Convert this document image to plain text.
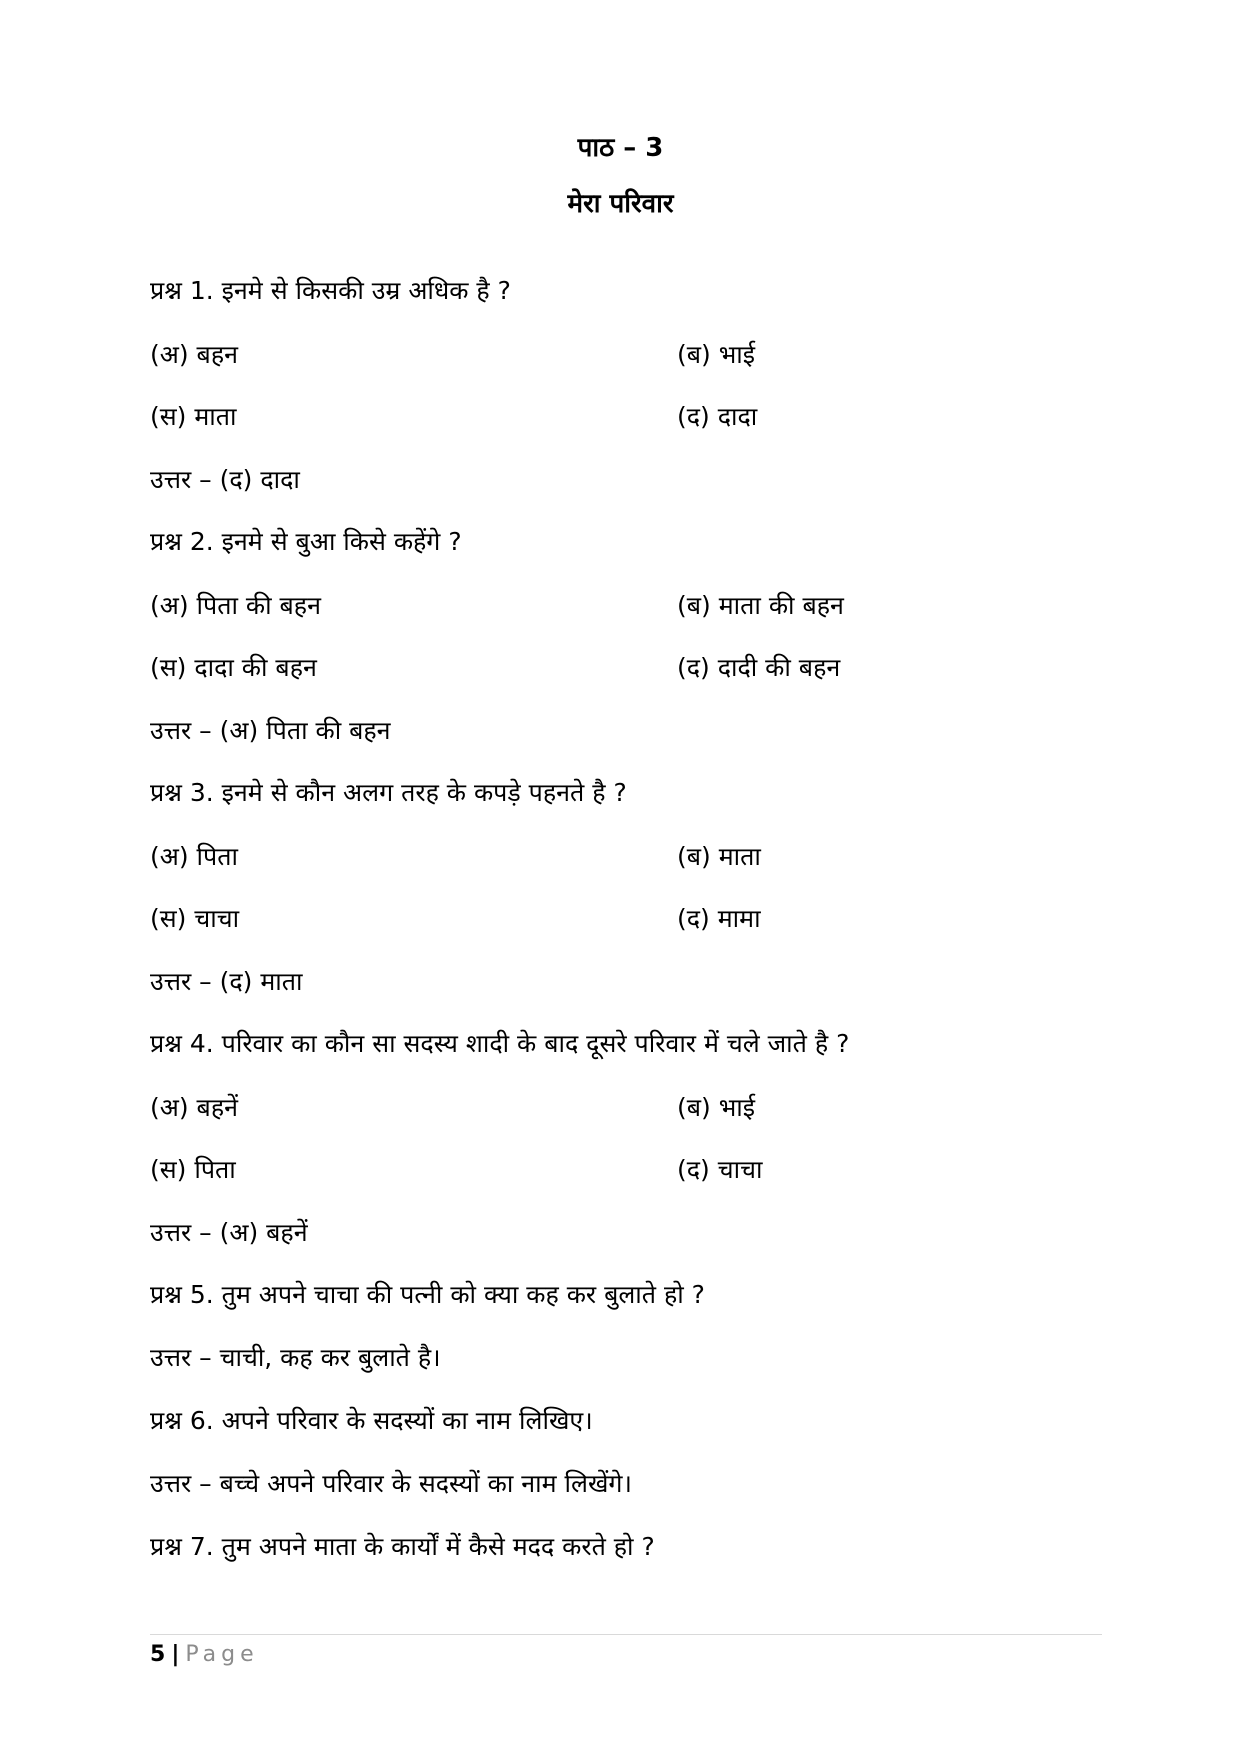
पाठ – 3
मेरा परिवार
प्रश्न 1. इनमे से किसकी उम्र अधिक है ?
(अ) बहन	(ब) भाई
(स) माता	(द) दादा
उत्तर – (द) दादा
प्रश्न 2. इनमे से बुआ किसे कहेंगे ?
(अ) पिता की बहन	(ब) माता की बहन
(स) दादा की बहन	(द) दादी की बहन
उत्तर – (अ) पिता की बहन
प्रश्न 3. इनमे से कौन अलग तरह के कपड़े पहनते है ?
(अ) पिता	(ब) माता
(स) चाचा	(द) मामा
उत्तर – (द) माता
प्रश्न 4. परिवार का कौन सा सदस्य शादी के बाद दूसरे परिवार में चले जाते है ?
(अ) बहनें	(ब) भाई
(स) पिता	(द) चाचा
उत्तर – (अ) बहनें
प्रश्न 5. तुम अपने चाचा की पत्नी को क्या कह कर बुलाते हो ?
उत्तर – चाची, कह कर बुलाते है।
प्रश्न 6. अपने परिवार के सदस्यों का नाम लिखिए।
उत्तर – बच्चे अपने परिवार के सदस्यों का नाम लिखेंगे।
प्रश्न 7. तुम अपने माता के कार्यों में कैसे मदद करते हो ?
5 | Page
